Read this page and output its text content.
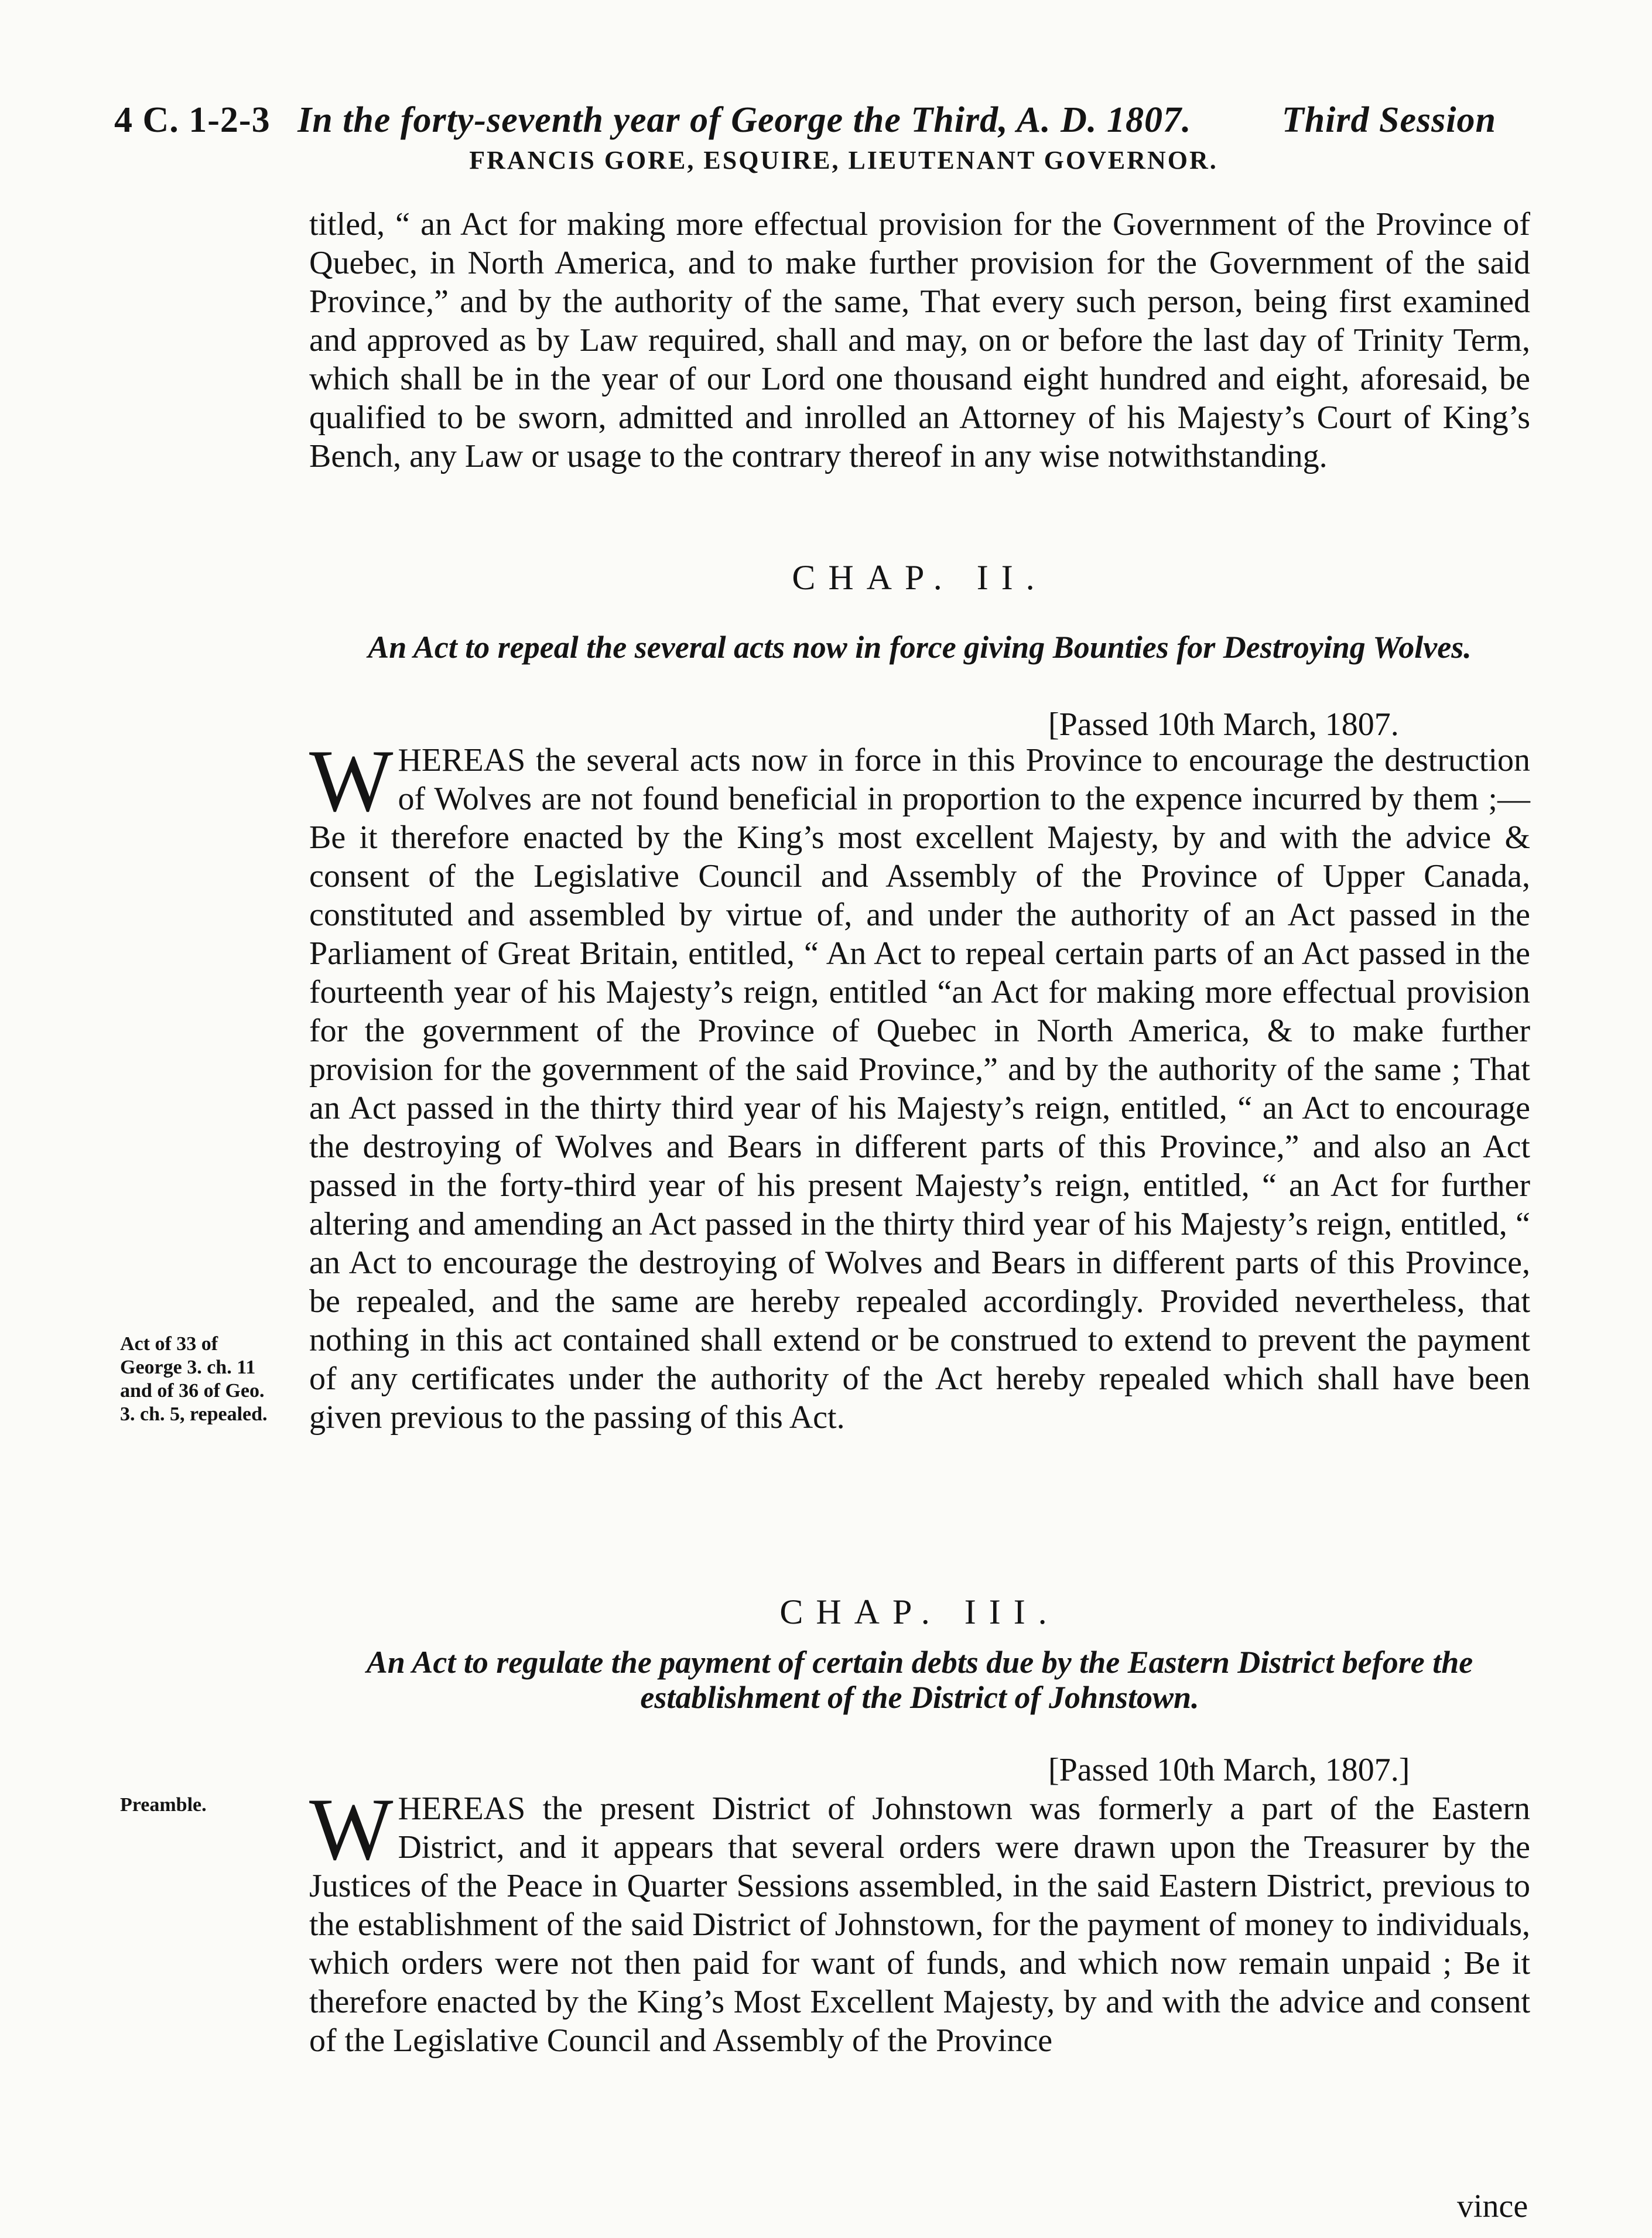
4 C. 1-2-3 In the forty-seventh year of George the Third, A. D. 1807. Third Session
FRANCIS GORE, ESQUIRE, LIEUTENANT GOVERNOR.
titled, “ an Act for making more effectual provision for the Government of the Province of Quebec, in North America, and to make further provision for the Government of the said Province,” and by the authority of the same, That every such person, being first examined and approved as by Law required, shall and may, on or before the last day of Trinity Term, which shall be in the year of our Lord one thousand eight hundred and eight, aforesaid, be qualified to be sworn, admitted and inrolled an Attorney of his Majesty’s Court of King’s Bench, any Law or usage to the contrary thereof in any wise notwithstanding.
CHAP. II.
An Act to repeal the several acts now in force giving Bounties for Destroying Wolves.
[Passed 10th March, 1807.
W HEREAS the several acts now in force in this Province to encourage the destruction of Wolves are not found beneficial in proportion to the expence incurred by them ;—Be it therefore enacted by the King’s most excellent Majesty, by and with the advice & consent of the Legislative Council and Assembly of the Province of Upper Canada, constituted and assembled by virtue of, and under the authority of an Act passed in the Parliament of Great Britain, entitled, “ An Act to repeal certain parts of an Act passed in the fourteenth year of his Majesty’s reign, entitled “an Act for making more effectual provision for the government of the Province of Quebec in North America, & to make further provision for the government of the said Province,” and by the authority of the same ; That an Act passed in the thirty third year of his Majesty’s reign, entitled, “ an Act to encourage the destroying of Wolves and Bears in different parts of this Province,” and also an Act passed in the forty-third year of his present Majesty’s reign, entitled, “ an Act for further altering and amending an Act passed in the thirty third year of his Majesty’s reign, entitled, “ an Act to encourage the destroying of Wolves and Bears in different parts of this Province, be repealed, and the same are hereby repealed accordingly. Provided nevertheless, that nothing in this act contained shall extend or be construed to extend to prevent the payment of any certificates under the authority of the Act hereby repealed which shall have been given previous to the passing of this Act.
Act of 33 of George 3. ch. 11 and of 36 of Geo. 3. ch. 5, repealed.
CHAP. III.
An Act to regulate the payment of certain debts due by the Eastern District before the establishment of the District of Johnstown.
[Passed 10th March, 1807.]
W HEREAS the present District of Johnstown was formerly a part of the Eastern District, and it appears that several orders were drawn upon the Treasurer by the Justices of the Peace in Quarter Sessions assembled, in the said Eastern District, previous to the establishment of the said District of Johnstown, for the payment of money to individuals, which orders were not then paid for want of funds, and which now remain unpaid ; Be it therefore enacted by the King’s Most Excellent Majesty, by and with the advice and consent of the Legislative Council and Assembly of the Province
Preamble.
vince
